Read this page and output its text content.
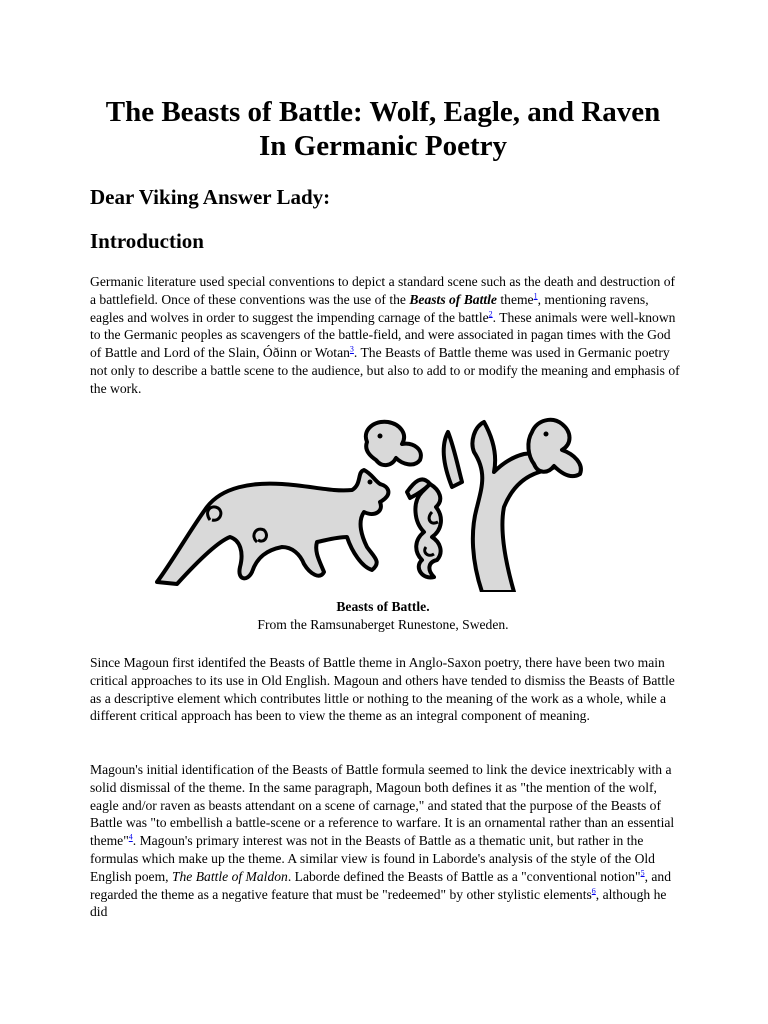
The Beasts of Battle: Wolf, Eagle, and Raven
In Germanic Poetry
Dear Viking Answer Lady:
Introduction

Germanic literature used special conventions to depict a standard scene such as the death and destruction of a battlefield. Once of these conventions was the use of the Beasts of Battle theme$^1$, mentioning ravens, eagles and wolves in order to suggest the impending carnage of the battle$^2$. These animals were well-known to the Germanic peoples as scavengers of the battle-field, and were associated in pagan times with the God of Battle and Lord of the Slain, Óðinn or Wotan$^3$. The Beasts of Battle theme was used in Germanic poetry not only to describe a battle scene to the audience, but also to add to or modify the meaning and emphasis of the work.

Beasts of Battle.
From the Ramsunaberget Runestone, Sweden.

Since Magoun first identifed the Beasts of Battle theme in Anglo-Saxon poetry, there have been two main critical approaches to its use in Old English. Magoun and others have tended to dismiss the Beasts of Battle as a descriptive element which contributes little or nothing to the meaning of the work as a whole, while a different critical approach has been to view the theme as an integral component of meaning.

Magoun's initial identification of the Beasts of Battle formula seemed to link the device inextricably with a solid dismissal of the theme. In the same paragraph, Magoun both defines it as "the mention of the wolf, eagle and/or raven as beasts attendant on a scene of carnage," and stated that the purpose of the Beasts of Battle was "to embellish a battle-scene or a reference to warfare. It is an ornamental rather than an essential theme"$^4$. Magoun's primary interest was not in the Beasts of Battle as a thematic unit, but rather in the formulas which make up the theme. A similar view is found in Laborde's analysis of the style of the Old English poem, The Battle of Maldon. Laborde defined the Beasts of Battle as a "conventional notion"$^5$, and regarded the theme as a negative feature that must be "redeemed" by other stylistic elements$^6$, although he did
